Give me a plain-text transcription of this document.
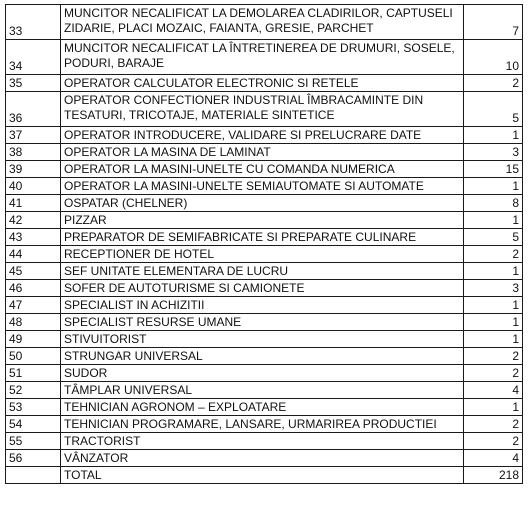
33	MUNCITOR NECALIFICAT LA DEMOLAREA CLADIRILOR, CAPTUSELI ZIDARIE, PLACI MOZAIC, FAIANTA, GRESIE, PARCHET	7
34	MUNCITOR NECALIFICAT LA ÎNTRETINEREA DE DRUMURI, SOSELE, PODURI, BARAJE	10
35	OPERATOR CALCULATOR ELECTRONIC SI RETELE	2
36	OPERATOR CONFECTIONER INDUSTRIAL ÎMBRACAMINTE DIN TESATURI, TRICOTAJE, MATERIALE SINTETICE	5
37	OPERATOR INTRODUCERE, VALIDARE SI PRELUCRARE DATE	1
38	OPERATOR LA MASINA DE LAMINAT	3
39	OPERATOR LA MASINI-UNELTE CU COMANDA NUMERICA	15
40	OPERATOR LA MASINI-UNELTE SEMIAUTOMATE SI AUTOMATE	1
41	OSPATAR (CHELNER)	8
42	PIZZAR	1
43	PREPARATOR DE SEMIFABRICATE SI PREPARATE CULINARE	5
44	RECEPTIONER DE HOTEL	2
45	SEF UNITATE ELEMENTARA DE LUCRU	1
46	SOFER DE AUTOTURISME SI CAMIONETE	3
47	SPECIALIST IN ACHIZITII	1
48	SPECIALIST RESURSE UMANE	1
49	STIVUITORIST	1
50	STRUNGAR UNIVERSAL	2
51	SUDOR	2
52	TÂMPLAR UNIVERSAL	4
53	TEHNICIAN AGRONOM – EXPLOATARE	1
54	TEHNICIAN PROGRAMARE, LANSARE, URMARIREA PRODUCTIEI	2
55	TRACTORIST	2
56	VÂNZATOR	4
	TOTAL	218
